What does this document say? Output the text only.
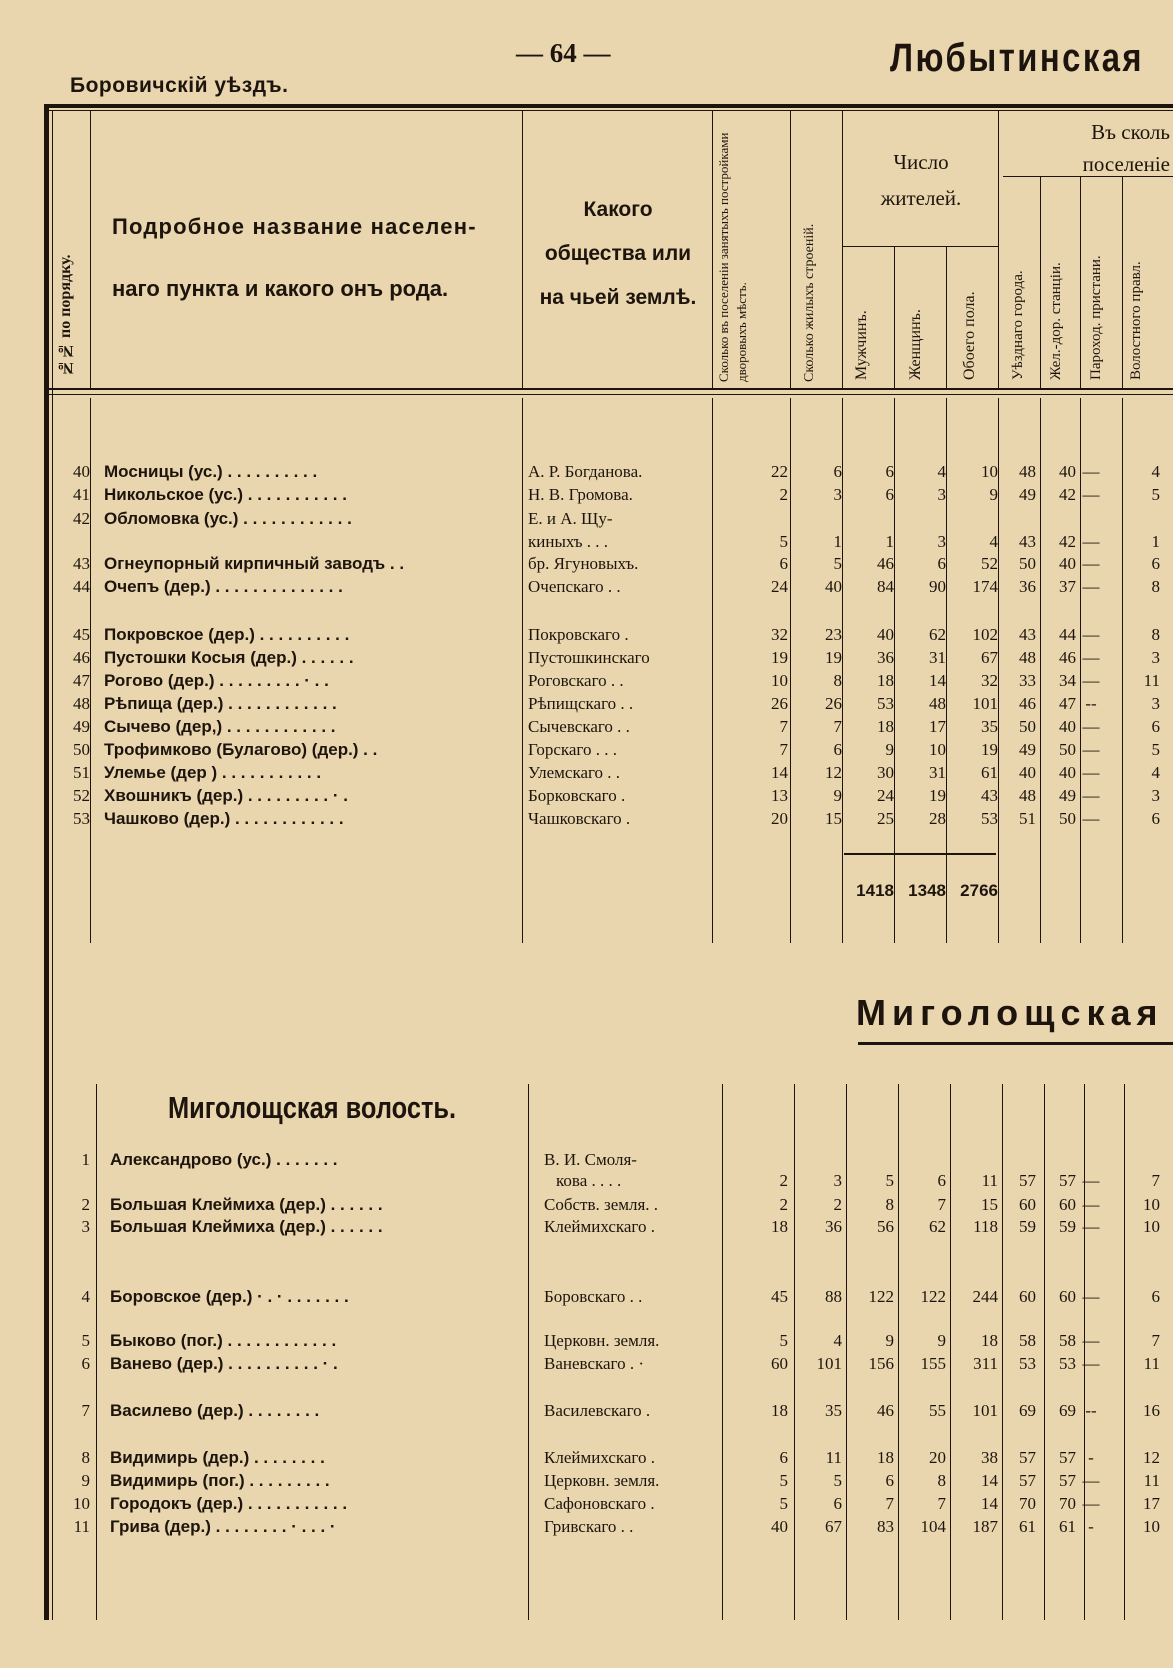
Боровичскій уѣздъ.
— 64 —	Любытинская
№№ по порядку.
Подробное название населен-
наго пункта и какого онъ рода.
Какого
общества или
на чьей землѣ.	Сколько въ поселеніи занятыхъ постройками дворовыхъ мѣстъ.	Сколько жилыхъ строеній.
Число
жителей.
Мужчинъ. Женщинъ. Обоего пола.
Въ сколь
поселеніе
Уѣзднаго города. Жел.-дор. станціи. Пароход. пристани. Волостного правл.
40 Мосницы (ус.) . . . . . . . . . .	А. Р. Богданова.	22	6	6	4	10	48	40 —	4
41 Никольское (ус.) . . . . . . . . . . .	Н. В. Громова.	2	3	6	3	9	49	42 —	5
42 Обломовка (ус.) . . . . . . . . . . . .	Е. и А. Щу-
киныхъ . . .	5	1	1	3	4	43	42 —	1
43 Огнеупорный кирпичный заводъ . .	бр. Ягуновыхъ.	6	5	46	6	52	50	40 —	6
44 Очепъ (дер.) . . . . . . . . . . . . . .	Очепскаго . .	24	40	84	90	174	36	37 —	8
45 Покровское (дер.) . . . . . . . . . .	Покровскаго .	32	23	40	62	102	43	44 —	8
46 Пустошки Косыя (дер.) . . . . . .	Пустошкинскаго	19	19	36	31	67	48	46 —	3
47 Рогово (дер.) . . . . . . . . . · . .	Роговскаго . .	10	8	18	14	32	33	34 —	11
48 Рѣпища (дер.) . . . . . . . . . . . .	Рѣпищскаго . .	26	26	53	48	101	46	47 --	3
49 Сычево (дер,) . . . . . . . . . . . .	Сычевскаго . .	7	7	18	17	35	50	40 —	6
50 Трофимково (Булагово) (дер.) . .	Горскаго . . .	7	6	9	10	19	49	50 —	5
51 Улемье (дер ) . . . . . . . . . . .	Улемскаго . .	14	12	30	31	61	40	40 —	4
52 Хвошникъ (дер.) . . . . . . . . . · .	Борковскаго .	13	9	24	19	43	48	49 —	3
53 Чашково (дер.) . . . . . . . . . . . .	Чашковскаго .	20	15	25	28	53	51	50 —	6
1418 1348 2766
Миголощская
Миголощская волость.
1 Александрово (ус.) . . . . . . .	В. И. Смоля-
кова . . . .	2	3	5	6	11	57	57 —	7
2 Большая Клеймиха (дер.) . . . . . .	Собств. земля. .	2	2	8	7	15	60	60 —	10
3 Большая Клеймиха (дер.) . . . . . .	Клеймихскаго .	18	36	56	62	118	59	59 —	10
4 Боровское (дер.) · . · . . . . . . .	Боровскаго . .	45	88	122	122	244	60	60 —	6
5 Быково (пог.) . . . . . . . . . . . .	Церковн. земля.	5	4	9	9	18	58	58 —	7
6 Ванево (дер.) . . . . . . . . . . · .	Ваневскаго . ·	60	101	156	155	311	53	53 —	11
7 Василево (дер.) . . . . . . . .	Василевскаго .	18	35	46	55	101	69	69 --	16
8 Видимирь (дер.) . . . . . . . .	Клеймихскаго .	6	11	18	20	38	57	57 -	12
9 Видимирь (пог.) . . . . . . . . .	Церковн. земля.	5	5	6	8	14	57	57 —	11
10 Городокъ (дер.) . . . . . . . . . . .	Сафоновскаго .	5	6	7	7	14	70	70 —	17
11 Грива (дер.) . . . . . . . . · . . . ·	Гривскаго . .	40	67	83	104	187	61	61 -	10
